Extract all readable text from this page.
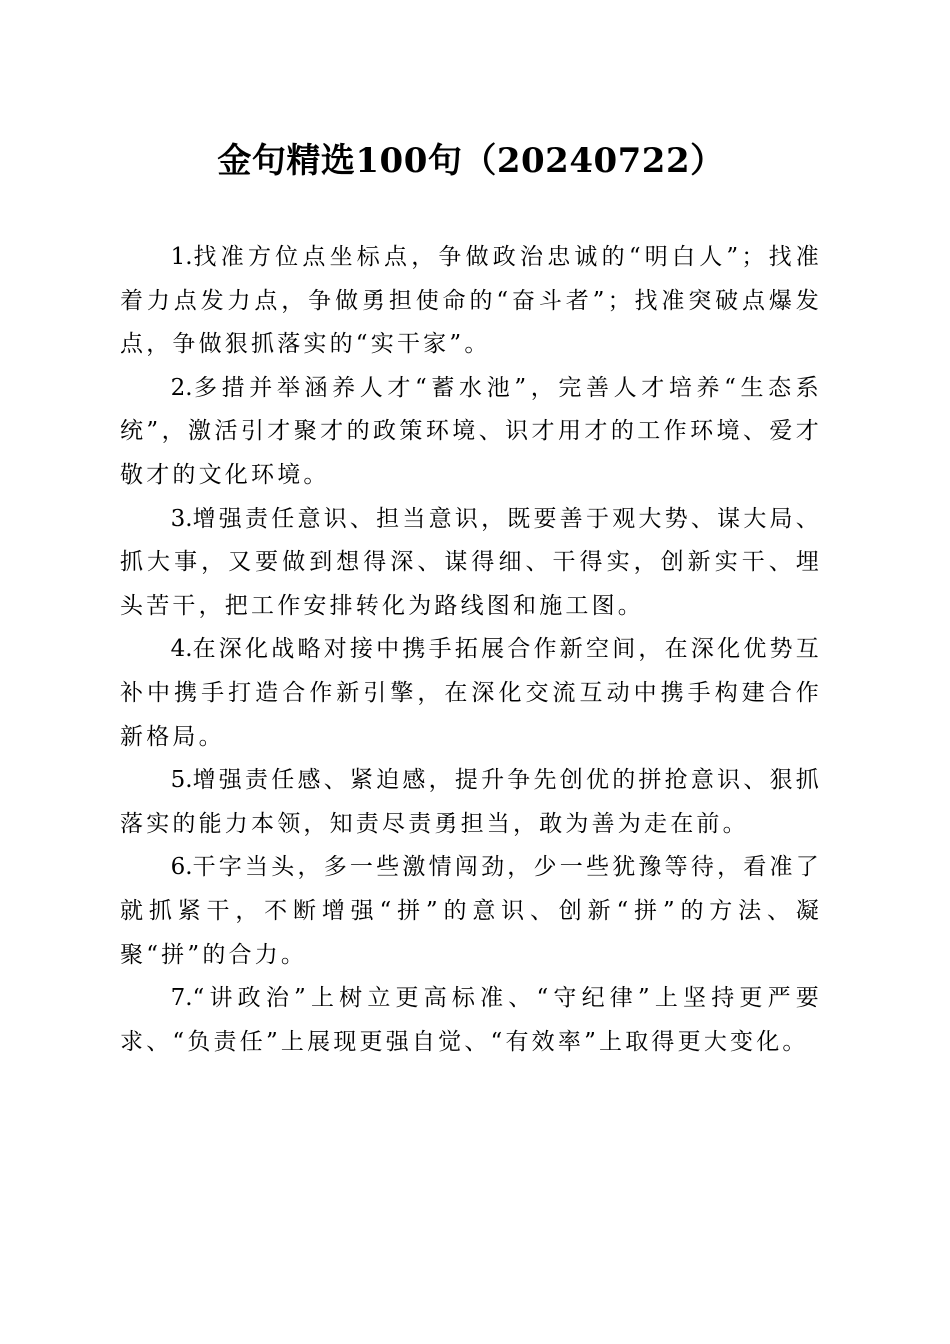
金句精选100句（20240722）

1.找准方位点坐标点，争做政治忠诚的“明白人”；找准着力点发力点，争做勇担使命的“奋斗者”；找准突破点爆发点，争做狠抓落实的“实干家”。

2.多措并举涵养人才“蓄水池”，完善人才培养“生态系统”，激活引才聚才的政策环境、识才用才的工作环境、爱才敬才的文化环境。

3.增强责任意识、担当意识，既要善于观大势、谋大局、抓大事，又要做到想得深、谋得细、干得实，创新实干、埋头苦干，把工作安排转化为路线图和施工图。

4.在深化战略对接中携手拓展合作新空间，在深化优势互补中携手打造合作新引擎，在深化交流互动中携手构建合作新格局。

5.增强责任感、紧迫感，提升争先创优的拼抢意识、狠抓落实的能力本领，知责尽责勇担当，敢为善为走在前。

6.干字当头，多一些激情闯劲，少一些犹豫等待，看准了就抓紧干，不断增强“拼”的意识、创新“拼”的方法、凝聚“拼”的合力。

7.“讲政治”上树立更高标准、“守纪律”上坚持更严要求、“负责任”上展现更强自觉、“有效率”上取得更大变化。
